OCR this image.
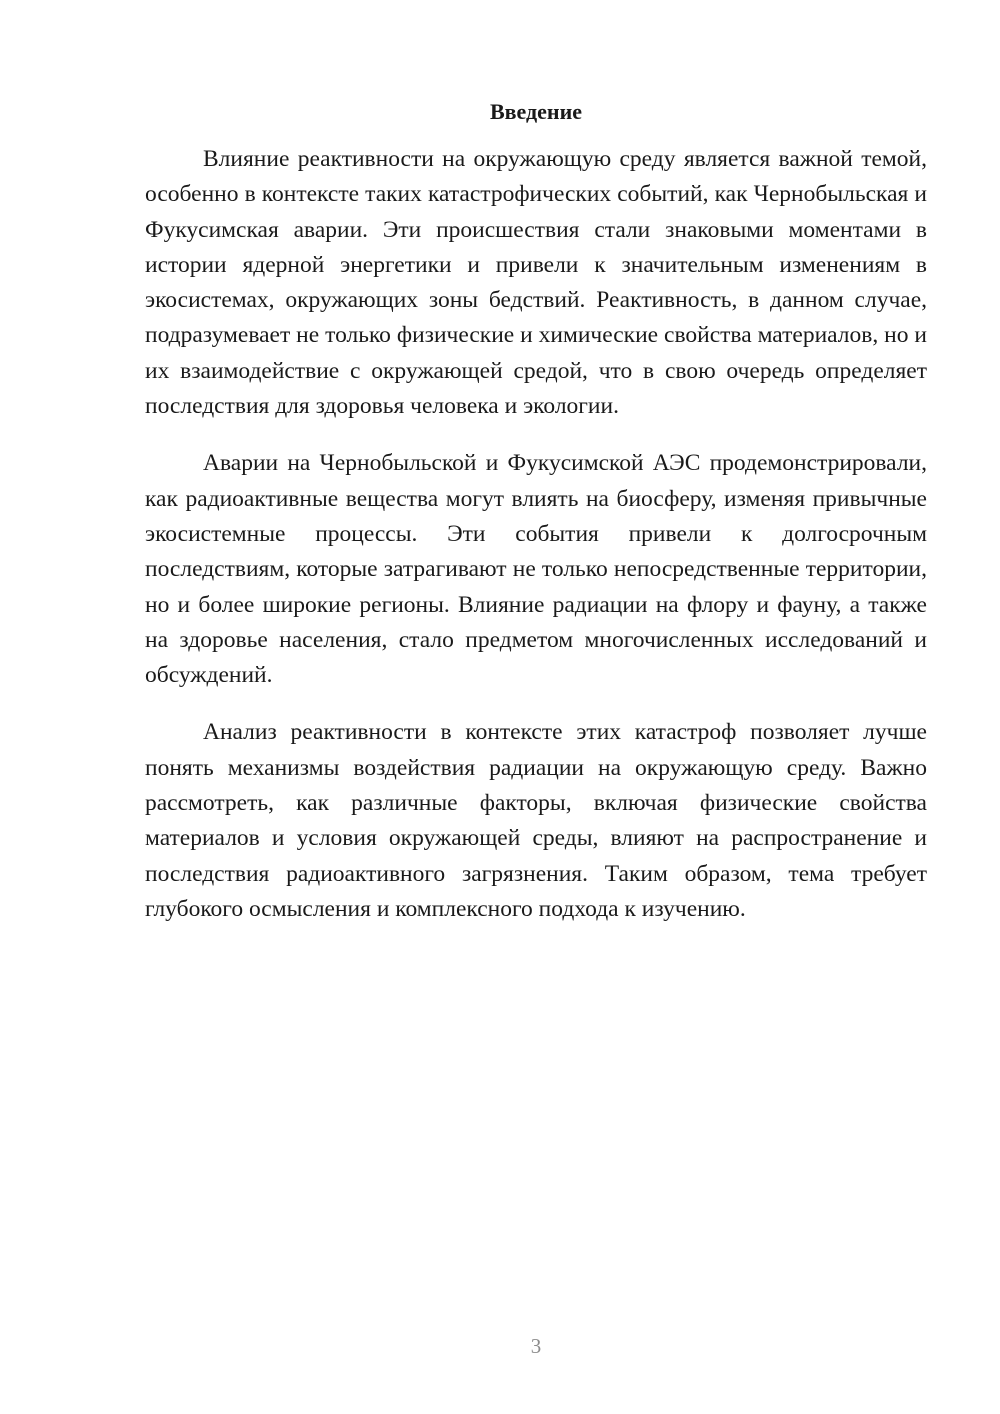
Введение

Влияние реактивности на окружающую среду является важной темой, особенно в контексте таких катастрофических событий, как Чернобыльская и Фукусимская аварии. Эти происшествия стали знаковыми моментами в истории ядерной энергетики и привели к значительным изменениям в экосистемах, окружающих зоны бедствий. Реактивность, в данном случае, подразумевает не только физические и химические свойства материалов, но и их взаимодействие с окружающей средой, что в свою очередь определяет последствия для здоровья человека и экологии.

Аварии на Чернобыльской и Фукусимской АЭС продемонстрировали, как радиоактивные вещества могут влиять на биосферу, изменяя привычные экосистемные процессы. Эти события привели к долгосрочным последствиям, которые затрагивают не только непосредственные территории, но и более широкие регионы. Влияние радиации на флору и фауну, а также на здоровье населения, стало предметом многочисленных исследований и обсуждений.

Анализ реактивности в контексте этих катастроф позволяет лучше понять механизмы воздействия радиации на окружающую среду. Важно рассмотреть, как различные факторы, включая физические свойства материалов и условия окружающей среды, влияют на распространение и последствия радиоактивного загрязнения. Таким образом, тема требует глубокого осмысления и комплексного подхода к изучению.

3
